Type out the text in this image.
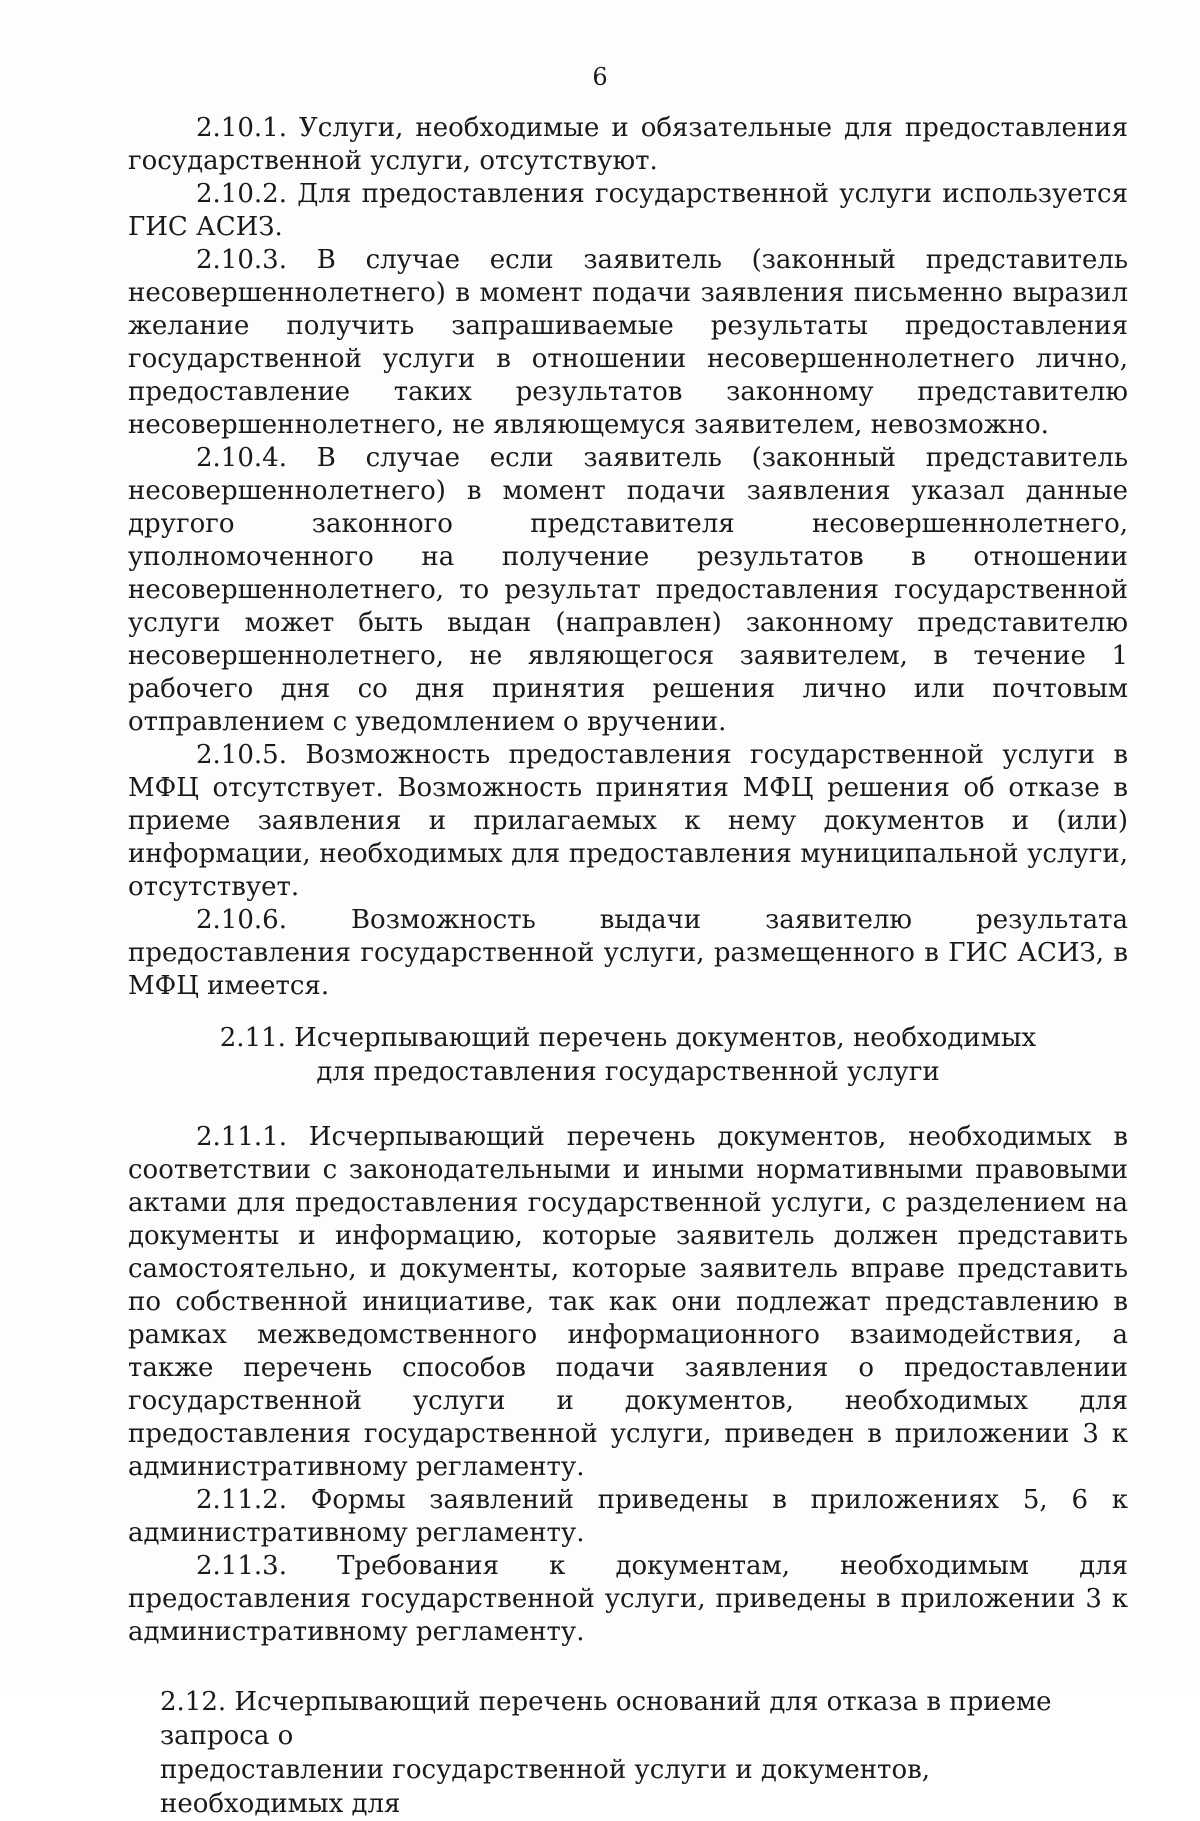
6

2.10.1. Услуги, необходимые и обязательные для предоставления государственной услуги, отсутствуют.

2.10.2. Для предоставления государственной услуги используется ГИС АСИЗ.

2.10.3. В случае если заявитель (законный представитель несовершеннолетнего) в момент подачи заявления письменно выразил желание получить запрашиваемые результаты предоставления государственной услуги в отношении несовершеннолетнего лично, предоставление таких результатов законному представителю несовершеннолетнего, не являющемуся заявителем, невозможно.

2.10.4. В случае если заявитель (законный представитель несовершеннолетнего) в момент подачи заявления указал данные другого законного представителя несовершеннолетнего, уполномоченного на получение результатов в отношении несовершеннолетнего, то результат предоставления государственной услуги может быть выдан (направлен) законному представителю несовершеннолетнего, не являющегося заявителем, в течение 1 рабочего дня со дня принятия решения лично или почтовым отправлением с уведомлением о вручении.

2.10.5. Возможность предоставления государственной услуги в МФЦ отсутствует. Возможность принятия МФЦ решения об отказе в приеме заявления и прилагаемых к нему документов и (или) информации, необходимых для предоставления муниципальной услуги, отсутствует.

2.10.6. Возможность выдачи заявителю результата предоставления государственной услуги, размещенного в ГИС АСИЗ, в МФЦ имеется.

2.11. Исчерпывающий перечень документов, необходимых
для предоставления государственной услуги

2.11.1. Исчерпывающий перечень документов, необходимых в соответствии с законодательными и иными нормативными правовыми актами для предоставления государственной услуги, с разделением на документы и информацию, которые заявитель должен представить самостоятельно, и документы, которые заявитель вправе представить по собственной инициативе, так как они подлежат представлению в рамках межведомственного информационного взаимодействия, а также перечень способов подачи заявления о предоставлении государственной услуги и документов, необходимых для предоставления государственной услуги, приведен в приложении 3 к административному регламенту.

2.11.2. Формы заявлений приведены в приложениях 5, 6 к административному регламенту.

2.11.3. Требования к документам, необходимым для предоставления государственной услуги, приведены в приложении 3 к административному регламенту.

2.12. Исчерпывающий перечень оснований для отказа в приеме запроса о
предоставлении государственной услуги и документов, необходимых для
